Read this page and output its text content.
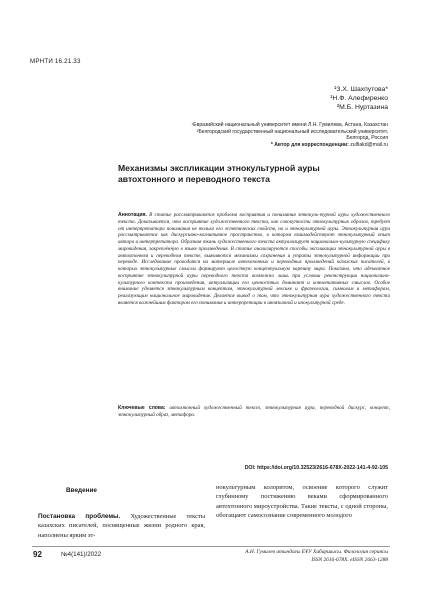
МРНТИ 16.21.33
¹З.Х. Шахпутова*
¹Н.Ф. Алефиренко
²М.Б. Нуртазина
¹Евразийский национальный университет имени Л.Н. Гумилева, Астана, Казахстан
²Белгородский государственный национальный исследовательский университет,
Белгород, Россия
* Автор для корреспонденции: zulfiakd@mail.ru
Механизмы экспликации этнокультурной ауры автохтонного и переводного текста
Аннотация. В статье рассматриваются проблема восприятия и понимания этнокуль-турной ауры художественного текста. Доказывается, что восприятие художественного текста, как совокупности этнокультурных образов, требует от интерпретатора понимания не только его эстетических свойств, но и этнокультурной ауры. Этнокультурная аура рассматривается как дискурсивно-когнитивное пространство, в котором взаимодействуют этнокультурный опыт автора и интерпретатора. Образная ткань художественного текста актуализирует национально-культурную специфику мировидения, закреплённую в языке произведения. В статье анализируются способы экспликации этнокультурной ауры в автохтонном и переводном тексте, выявляются механизмы сохранения и утраты этнокультурной информации при переводе. Исследование проводится на материале автохтонных и переводных произведений казахских писателей, в которых этнокультурные смыслы формируют целостную концептуальную картину мира. Показано, что адекватное восприятие этнокультурной ауры переводного текста возможно лишь при условии реконструкции национально-культурного контекста произведения, актуализации его ценностных доминант и коннотативных смыслов. Особое внимание уделяется этнокультурным концептам, этнокультурной лексике и фразеологии, символам и метафорам, реализующим национальное мировидение. Делается вывод о том, что этнокультурная аура художественного текста является важнейшим фактором его понимания и интерпретации в иноязычной и инокультурной среде.
Ключевые слова: автохтонный художественный текст, этнокультурная аура, переводной дискурс, концепт, этнокультурный образ, метафора.
DOI: https://doi.org/10.32523/2616-678X-2022-141-4-92-105
Введение
Постановка проблемы. Художественные тексты казахских писателей, посвященные жизни родного края, наполнены ярким эт-
нокультурным колоритом, освоение которого служит глубинному постижению веками сформированного автохтонного мироустройства. Такие тексты, с одной стороны, обогащают самосознание современного молодого
92	№4(141)/2022	А.Н. Гумилев атындағы ЕҰУ Хабаршысы. Филология сериясы
ISSN 2616-678X. eISSN 2663-1288
